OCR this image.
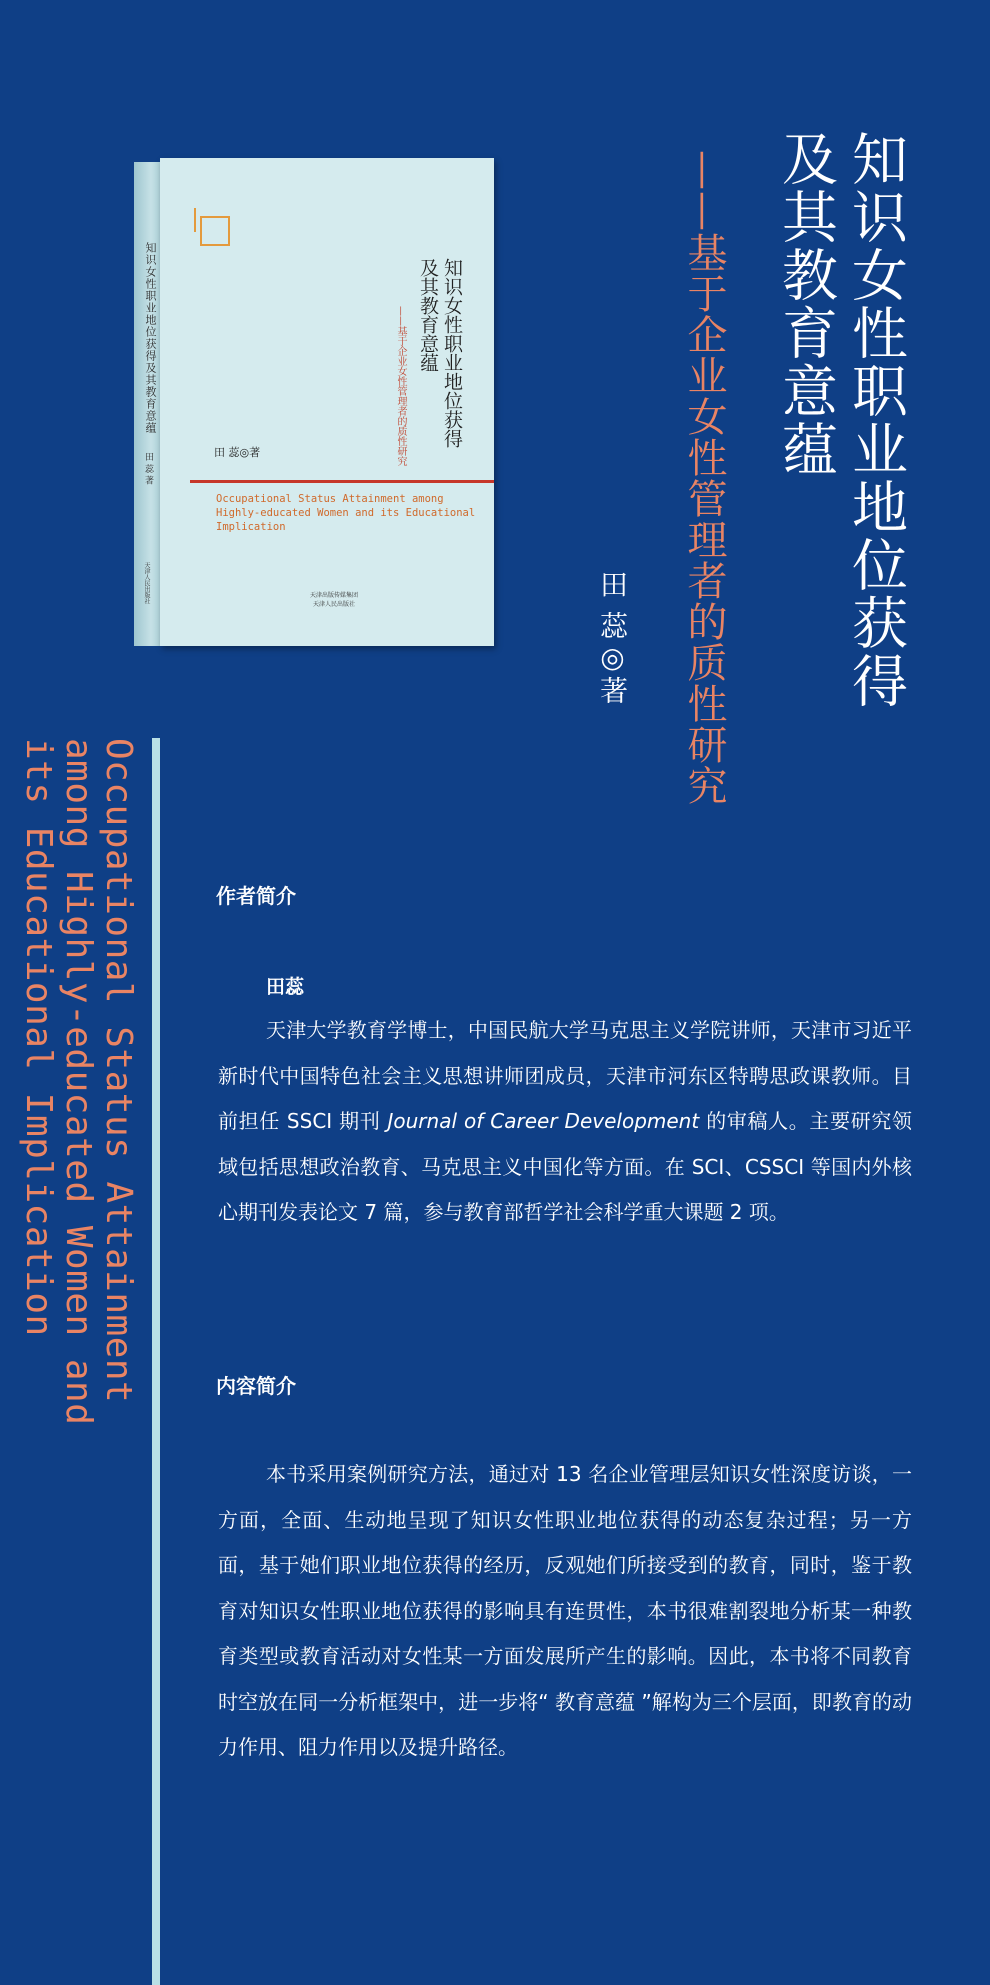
知识女性职业地位获得及其教育意蕴
田 蕊 著
天津人民出版社
知识女性职业地位获得
及其教育意蕴
——基于企业女性管理者的质性研究
田 蕊◎著
Occupational Status Attainment among Highly-educated Women and its Educational Implication
天津出版传媒集团
天津人民出版社	知识女性职业地位获得及其教育意蕴
——基于企业女性管理者的质性研究
田 蕊◎著
Occupational Status Attainment among Highly-educated Women and its Educational Implication	作者简介
田蕊
天津大学教育学博士，中国民航大学马克思主义学院讲师，天津市习近平新时代中国特色社会主义思想讲师团成员，天津市河东区特聘思政课教师。目前担任 SSCI 期刊 Journal of Career Development 的审稿人。主要研究领域包括思想政治教育、马克思主义中国化等方面。在 SCI、CSSCI 等国内外核心期刊发表论文 7 篇，参与教育部哲学社会科学重大课题 2 项。
内容简介
本书采用案例研究方法，通过对 13 名企业管理层知识女性深度访谈，一方面，全面、生动地呈现了知识女性职业地位获得的动态复杂过程；另一方面，基于她们职业地位获得的经历，反观她们所接受到的教育，同时，鉴于教育对知识女性职业地位获得的影响具有连贯性，本书很难割裂地分析某一种教育类型或教育活动对女性某一方面发展所产生的影响。因此，本书将不同教育时空放在同一分析框架中，进一步将“ 教育意蕴 ”解构为三个层面，即教育的动力作用、阻力作用以及提升路径。
